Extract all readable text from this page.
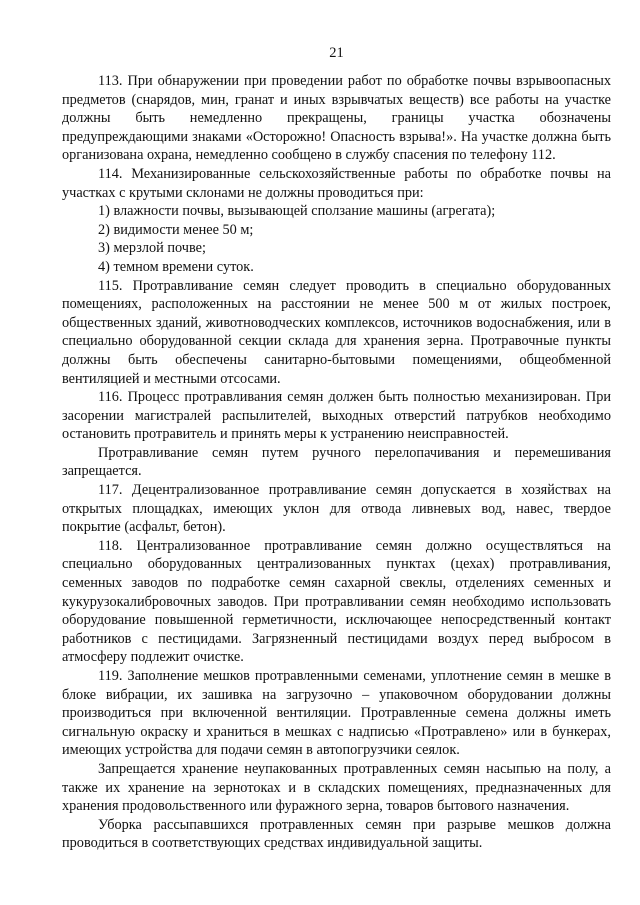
21

113. При обнаружении при проведении работ по обработке почвы взрывоопасных предметов (снарядов, мин, гранат и иных взрывчатых веществ) все работы на участке должны быть немедленно прекращены, границы участка обозначены предупреждающими знаками «Осторожно! Опасность взрыва!». На участке должна быть организована охрана, немедленно сообщено в службу спасения по телефону 112.

114. Механизированные сельскохозяйственные работы по обработке почвы на участках с крутыми склонами не должны проводиться при:

1) влажности почвы, вызывающей сползание машины (агрегата);

2) видимости менее 50 м;

3) мерзлой почве;

4) темном времени суток.

115. Протравливание семян следует проводить в специально оборудованных помещениях, расположенных на расстоянии не менее 500 м от жилых построек, общественных зданий, животноводческих комплексов, источников водоснабжения, или в специально оборудованной секции склада для хранения зерна. Протравочные пункты должны быть обеспечены санитарно-бытовыми помещениями, общеобменной вентиляцией и местными отсосами.

116. Процесс протравливания семян должен быть полностью механизирован. При засорении магистралей распылителей, выходных отверстий патрубков необходимо остановить протравитель и принять меры к устранению неисправностей.

Протравливание семян путем ручного перелопачивания и перемешивания запрещается.

117. Децентрализованное протравливание семян допускается в хозяйствах на открытых площадках, имеющих уклон для отвода ливневых вод, навес, твердое покрытие (асфальт, бетон).

118. Централизованное протравливание семян должно осуществляться на специально оборудованных централизованных пунктах (цехах) протравливания, семенных заводов по подработке семян сахарной свеклы, отделениях семенных и кукурузокалибровочных заводов. При протравливании семян необходимо использовать оборудование повышенной герметичности, исключающее непосредственный контакт работников с пестицидами. Загрязненный пестицидами воздух перед выбросом в атмосферу подлежит очистке.

119. Заполнение мешков протравленными семенами, уплотнение семян в мешке в блоке вибрации, их зашивка на загрузочно – упаковочном оборудовании должны производиться при включенной вентиляции. Протравленные семена должны иметь сигнальную окраску и храниться в мешках с надписью «Протравлено» или в бункерах, имеющих устройства для подачи семян в автопогрузчики сеялок.

Запрещается хранение неупакованных протравленных семян насыпью на полу, а также их хранение на зернотоках и в складских помещениях, предназначенных для хранения продовольственного или фуражного зерна, товаров бытового назначения.

Уборка рассыпавшихся протравленных семян при разрыве мешков должна проводиться в соответствующих средствах индивидуальной защиты.
